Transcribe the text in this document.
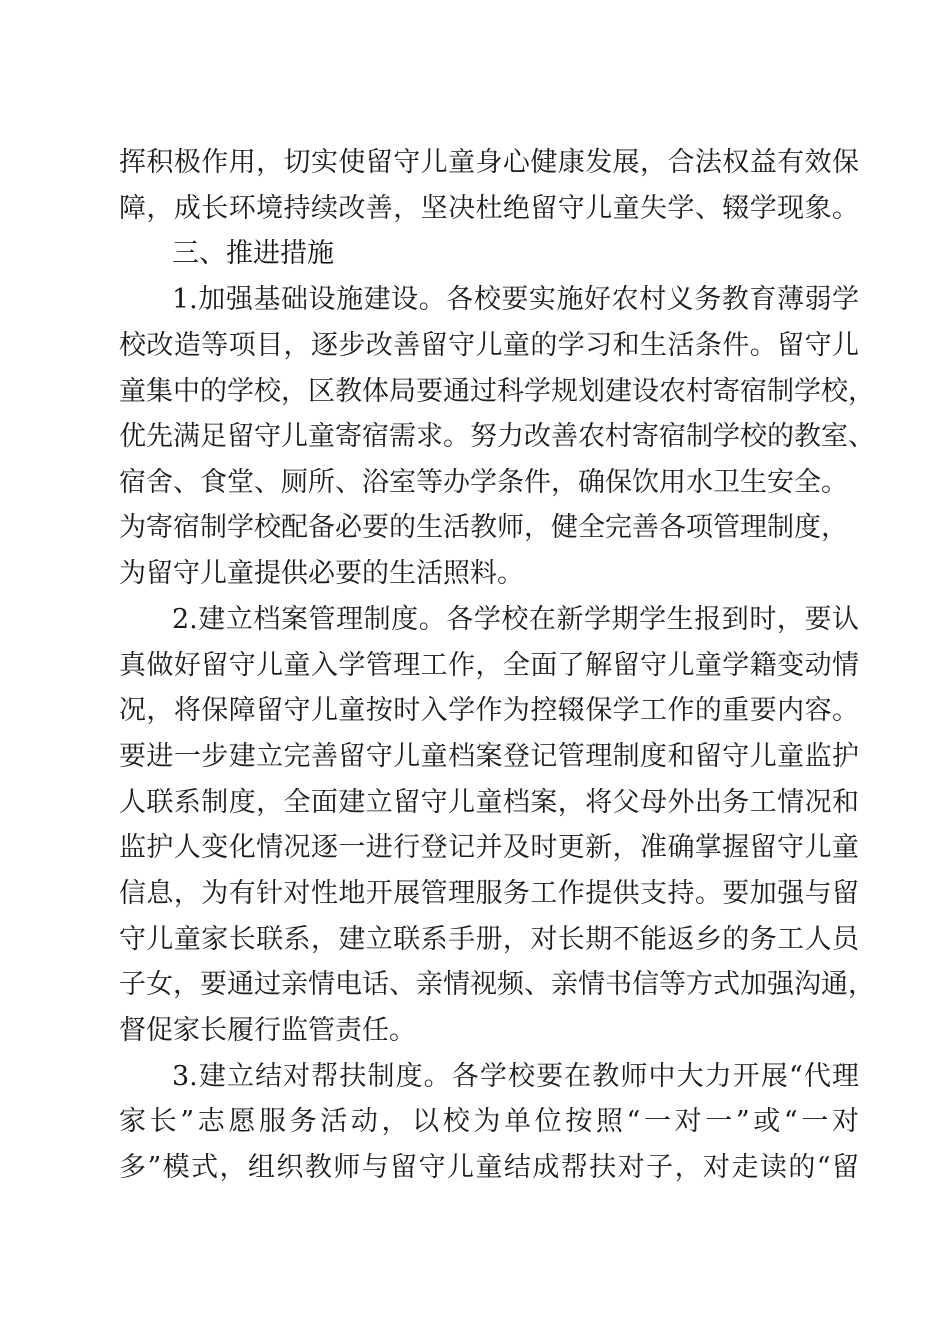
挥积极作用，切实使留守儿童身心健康发展，合法权益有效保
障，成长环境持续改善，坚决杜绝留守儿童失学、辍学现象。
三、推进措施
1.加强基础设施建设。各校要实施好农村义务教育薄弱学
校改造等项目，逐步改善留守儿童的学习和生活条件。留守儿
童集中的学校，区教体局要通过科学规划建设农村寄宿制学校，
优先满足留守儿童寄宿需求。努力改善农村寄宿制学校的教室、
宿舍、食堂、厕所、浴室等办学条件，确保饮用水卫生安全。
为寄宿制学校配备必要的生活教师，健全完善各项管理制度，
为留守儿童提供必要的生活照料。
2.建立档案管理制度。各学校在新学期学生报到时，要认
真做好留守儿童入学管理工作，全面了解留守儿童学籍变动情
况，将保障留守儿童按时入学作为控辍保学工作的重要内容。
要进一步建立完善留守儿童档案登记管理制度和留守儿童监护
人联系制度，全面建立留守儿童档案，将父母外出务工情况和
监护人变化情况逐一进行登记并及时更新，准确掌握留守儿童
信息，为有针对性地开展管理服务工作提供支持。要加强与留
守儿童家长联系，建立联系手册，对长期不能返乡的务工人员
子女，要通过亲情电话、亲情视频、亲情书信等方式加强沟通，
督促家长履行监管责任。
3.建立结对帮扶制度。各学校要在教师中大力开展“代理
家长”志愿服务活动，以校为单位按照“一对一”或“一对
多”模式，组织教师与留守儿童结成帮扶对子，对走读的“留
